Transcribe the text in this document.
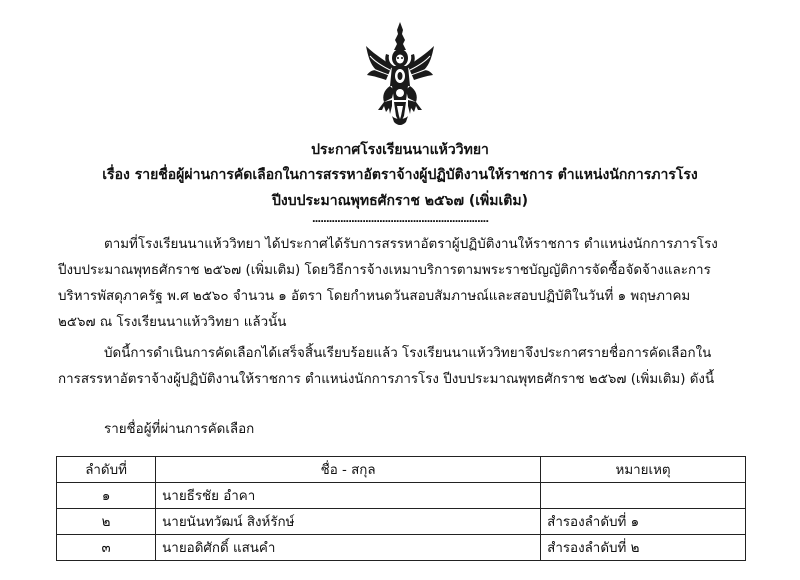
ประกาศโรงเรียนนาแห้ววิทยา
เรื่อง รายชื่อผู้ผ่านการคัดเลือกในการสรรหาอัตราจ้างผู้ปฏิบัติงานให้ราชการ ตำแหน่งนักการภารโรง
ปีงบประมาณพุทธศักราช ๒๕๖๗ (เพิ่มเติม)
...............................................................
ตามที่โรงเรียนนาแห้ววิทยา ได้ประกาศได้รับการสรรหาอัตราผู้ปฏิบัติงานให้ราชการ ตำแหน่งนักการภารโรง
ปีงบประมาณพุทธศักราช ๒๕๖๗ (เพิ่มเติม) โดยวิธีการจ้างเหมาบริการตามพระราชบัญญัติการจัดซื้อจัดจ้างและการ
บริหารพัสดุภาครัฐ พ.ศ ๒๕๖๐ จำนวน ๑ อัตรา โดยกำหนดวันสอบสัมภาษณ์และสอบปฏิบัติในวันที่ ๑ พฤษภาคม
๒๕๖๗ ณ โรงเรียนนาแห้ววิทยา แล้วนั้น
บัดนี้การดำเนินการคัดเลือกได้เสร็จสิ้นเรียบร้อยแล้ว โรงเรียนนาแห้ววิทยาจึงประกาศรายชื่อการคัดเลือกใน
การสรรหาอัตราจ้างผู้ปฏิบัติงานให้ราชการ ตำแหน่งนักการภารโรง ปีงบประมาณพุทธศักราช ๒๕๖๗ (เพิ่มเติม) ดังนี้
รายชื่อผู้ที่ผ่านการคัดเลือก
ลำดับที่	ชื่อ - สกุล	หมายเหตุ
๑	นายธีรชัย อำคา	
๒	นายนันทวัฒน์ สิงห์รักษ์	สำรองลำดับที่ ๑
๓	นายอดิศักดิ์ แสนคำ	สำรองลำดับที่ ๒
